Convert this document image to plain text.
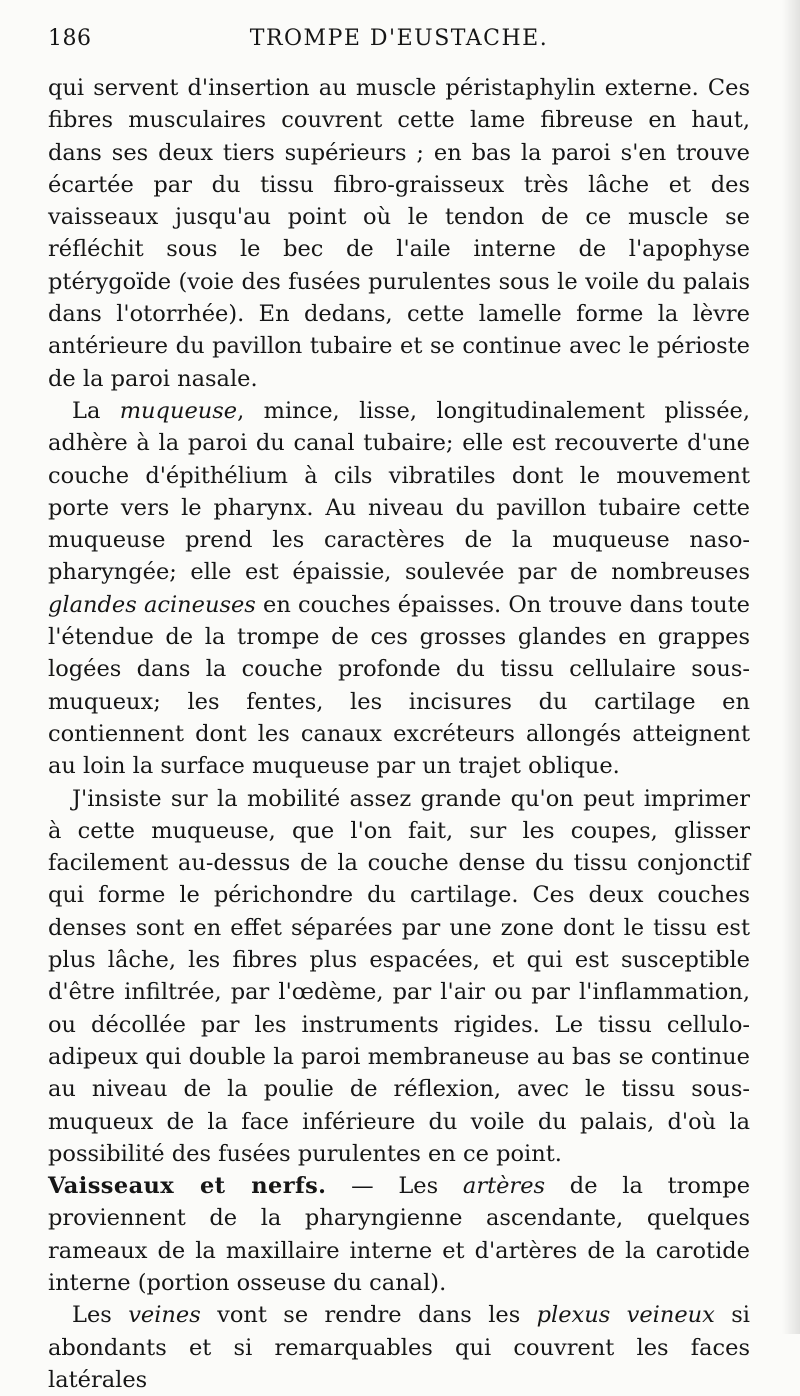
186	TROMPE D'EUSTACHE.

qui servent d'insertion au muscle péristaphylin externe. Ces fibres musculaires couvrent cette lame fibreuse en haut, dans ses deux tiers supérieurs ; en bas la paroi s'en trouve écartée par du tissu fibro-graisseux très lâche et des vaisseaux jusqu'au point où le tendon de ce muscle se réfléchit sous le bec de l'aile interne de l'apophyse ptérygoïde (voie des fusées purulentes sous le voile du palais dans l'otorrhée). En dedans, cette lamelle forme la lèvre antérieure du pavillon tubaire et se continue avec le périoste de la paroi nasale.

La muqueuse, mince, lisse, longitudinalement plissée, adhère à la paroi du canal tubaire; elle est recouverte d'une couche d'épithélium à cils vibratiles dont le mouvement porte vers le pharynx. Au niveau du pavillon tubaire cette muqueuse prend les caractères de la muqueuse naso-pharyngée; elle est épaissie, soulevée par de nombreuses glandes acineuses en couches épaisses. On trouve dans toute l'étendue de la trompe de ces grosses glandes en grappes logées dans la couche profonde du tissu cellulaire sous-muqueux; les fentes, les incisures du cartilage en contiennent dont les canaux excréteurs allongés atteignent au loin la surface muqueuse par un trajet oblique.

J'insiste sur la mobilité assez grande qu'on peut imprimer à cette muqueuse, que l'on fait, sur les coupes, glisser facilement au-dessus de la couche dense du tissu conjonctif qui forme le périchondre du cartilage. Ces deux couches denses sont en effet séparées par une zone dont le tissu est plus lâche, les fibres plus espacées, et qui est susceptible d'être infiltrée, par l'œdème, par l'air ou par l'inflammation, ou décollée par les instruments rigides. Le tissu cellulo-adipeux qui double la paroi membraneuse au bas se continue au niveau de la poulie de réflexion, avec le tissu sous-muqueux de la face inférieure du voile du palais, d'où la possibilité des fusées purulentes en ce point.

Vaisseaux et nerfs. — Les artères de la trompe proviennent de la pharyngienne ascendante, quelques rameaux de la maxillaire interne et d'artères de la carotide interne (portion osseuse du canal).

Les veines vont se rendre dans les plexus veineux si abondants et si remarquables qui couvrent les faces latérales
